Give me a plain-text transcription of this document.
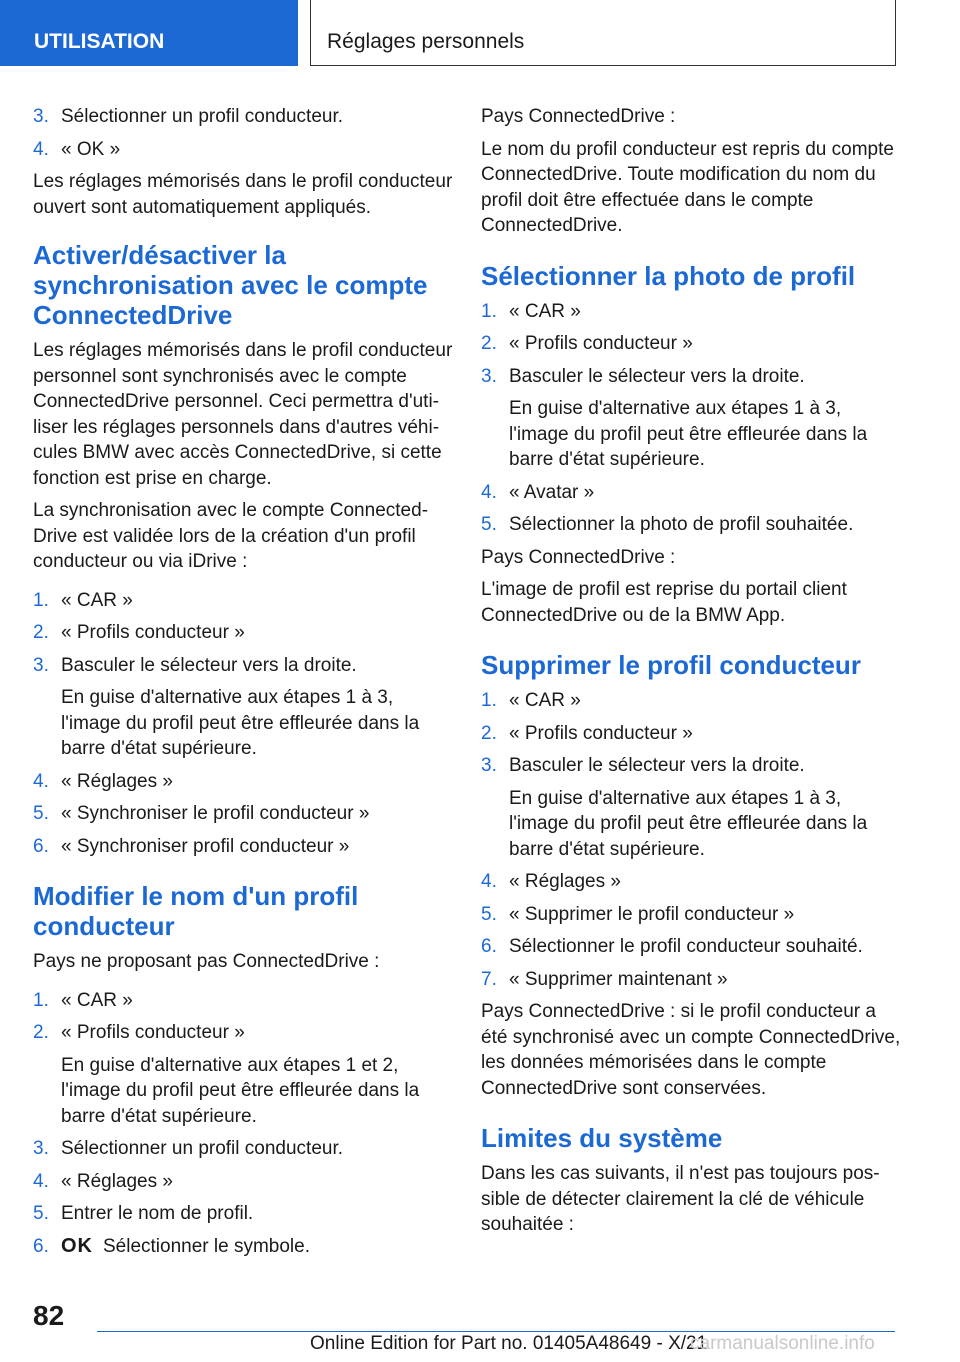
UTILISATION	Réglages personnels
3. Sélectionner un profil conducteur.
4. « OK »

Les réglages mémorisés dans le profil conducteur ouvert sont automatiquement appliqués.

Activer/désactiver la synchronisation avec le compte ConnectedDrive

Les réglages mémorisés dans le profil conducteur personnel sont synchronisés avec le compte ConnectedDrive personnel. Ceci permettra d'utiliser les réglages personnels dans d'autres véhicules BMW avec accès ConnectedDrive, si cette fonction est prise en charge.

La synchronisation avec le compte ConnectedDrive est validée lors de la création d'un profil conducteur ou via iDrive :

1. « CAR »
2. « Profils conducteur »
3. Basculer le sélecteur vers la droite.
En guise d'alternative aux étapes 1 à 3, l'image du profil peut être effleurée dans la barre d'état supérieure.
4. « Réglages »
5. « Synchroniser le profil conducteur »
6. « Synchroniser profil conducteur »
Modifier le nom d'un profil conducteur

Pays ne proposant pas ConnectedDrive :

1. « CAR »
2. « Profils conducteur »
En guise d'alternative aux étapes 1 et 2, l'image du profil peut être effleurée dans la barre d'état supérieure.
3. Sélectionner un profil conducteur.
4. « Réglages »
5. Entrer le nom de profil.
6. OK Sélectionner le symbole.

Pays ConnectedDrive :

Le nom du profil conducteur est repris du compte ConnectedDrive. Toute modification du nom du profil doit être effectuée dans le compte ConnectedDrive.

Sélectionner la photo de profil
1. « CAR »
2. « Profils conducteur »
3. Basculer le sélecteur vers la droite.
En guise d'alternative aux étapes 1 à 3, l'image du profil peut être effleurée dans la barre d'état supérieure.
4. « Avatar »
5. Sélectionner la photo de profil souhaitée.

Pays ConnectedDrive :

L'image de profil est reprise du portail client ConnectedDrive ou de la BMW App.

Supprimer le profil conducteur
1. « CAR »
2. « Profils conducteur »
3. Basculer le sélecteur vers la droite.
En guise d'alternative aux étapes 1 à 3, l'image du profil peut être effleurée dans la barre d'état supérieure.
4. « Réglages »
5. « Supprimer le profil conducteur »
6. Sélectionner le profil conducteur souhaité.
7. « Supprimer maintenant »

Pays ConnectedDrive : si le profil conducteur a été synchronisé avec un compte ConnectedDrive, les données mémorisées dans le compte ConnectedDrive sont conservées.

Limites du système

Dans les cas suivants, il n'est pas toujours possible de détecter clairement la clé de véhicule souhaitée :

82
Online Edition for Part no. 01405A48649 - X/21
carmanualsonline.info
